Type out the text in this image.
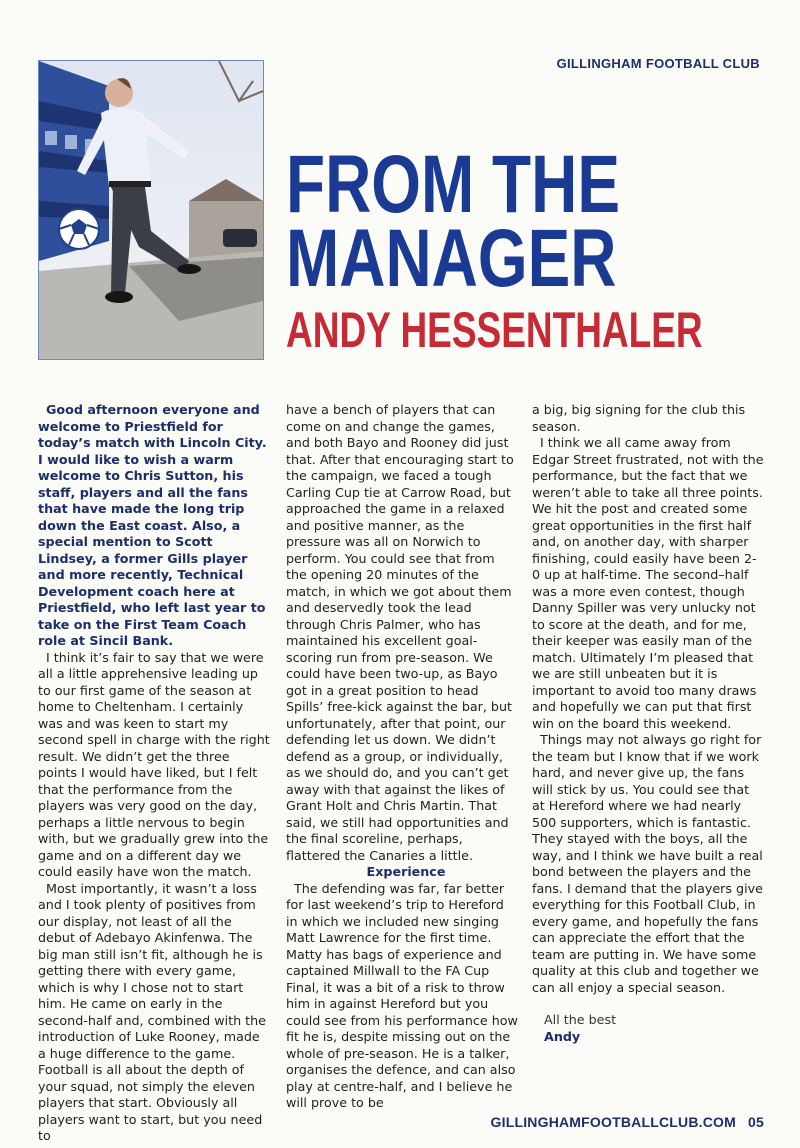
GILLINGHAM FOOTBALL CLUB
FROM THE
MANAGER
ANDY HESSENTHALER

Good afternoon everyone and welcome to Priestfield for today’s match with Lincoln City. I would like to wish a warm welcome to Chris Sutton, his staff, players and all the fans that have made the long trip down the East coast. Also, a special mention to Scott Lindsey, a former Gills player and more recently, Technical Development coach here at Priestfield, who left last year to take on the First Team Coach role at Sincil Bank.

I think it’s fair to say that we were all a little apprehensive leading up to our first game of the season at home to Cheltenham. I certainly was and was keen to start my second spell in charge with the right result. We didn’t get the three points I would have liked, but I felt that the performance from the players was very good on the day, perhaps a little nervous to begin with, but we gradually grew into the game and on a different day we could easily have won the match.

Most importantly, it wasn’t a loss and I took plenty of positives from our display, not least of all the debut of Adebayo Akinfenwa. The big man still isn’t fit, although he is getting there with every game, which is why I chose not to start him. He came on early in the second-half and, combined with the introduction of Luke Rooney, made a huge difference to the game. Football is all about the depth of your squad, not simply the eleven players that start. Obviously all players want to start, but you need to

have a bench of players that can come on and change the games, and both Bayo and Rooney did just that. After that encouraging start to the campaign, we faced a tough Carling Cup tie at Carrow Road, but approached the game in a relaxed and positive manner, as the pressure was all on Norwich to perform. You could see that from the opening 20 minutes of the match, in which we got about them and deservedly took the lead through Chris Palmer, who has maintained his excellent goal-scoring run from pre-season. We could have been two-up, as Bayo got in a great position to head Spills’ free-kick against the bar, but unfortunately, after that point, our defending let us down. We didn’t defend as a group, or individually, as we should do, and you can’t get away with that against the likes of Grant Holt and Chris Martin. That said, we still had opportunities and the final scoreline, perhaps, flattered the Canaries a little.

Experience

The defending was far, far better for last weekend’s trip to Hereford in which we included new singing Matt Lawrence for the first time. Matty has bags of experience and captained Millwall to the FA Cup Final, it was a bit of a risk to throw him in against Hereford but you could see from his performance how fit he is, despite missing out on the whole of pre-season. He is a talker, organises the defence, and can also play at centre-half, and I believe he will prove to be

a big, big signing for the club this season.

I think we all came away from Edgar Street frustrated, not with the performance, but the fact that we weren’t able to take all three points. We hit the post and created some great opportunities in the first half and, on another day, with sharper finishing, could easily have been 2-0 up at half-time. The second–half was a more even contest, though Danny Spiller was very unlucky not to score at the death, and for me, their keeper was easily man of the match. Ultimately I’m pleased that we are still unbeaten but it is important to avoid too many draws and hopefully we can put that first win on the board this weekend.

Things may not always go right for the team but I know that if we work hard, and never give up, the fans will stick by us. You could see that at Hereford where we had nearly 500 supporters, which is fantastic. They stayed with the boys, all the way, and I think we have built a real bond between the players and the fans. I demand that the players give everything for this Football Club, in every game, and hopefully the fans can appreciate the effort that the team are putting in. We have some quality at this club and together we can all enjoy a special season.

All the best
Andy
GILLINGHAMFOOTBALLCLUB.COM 05
